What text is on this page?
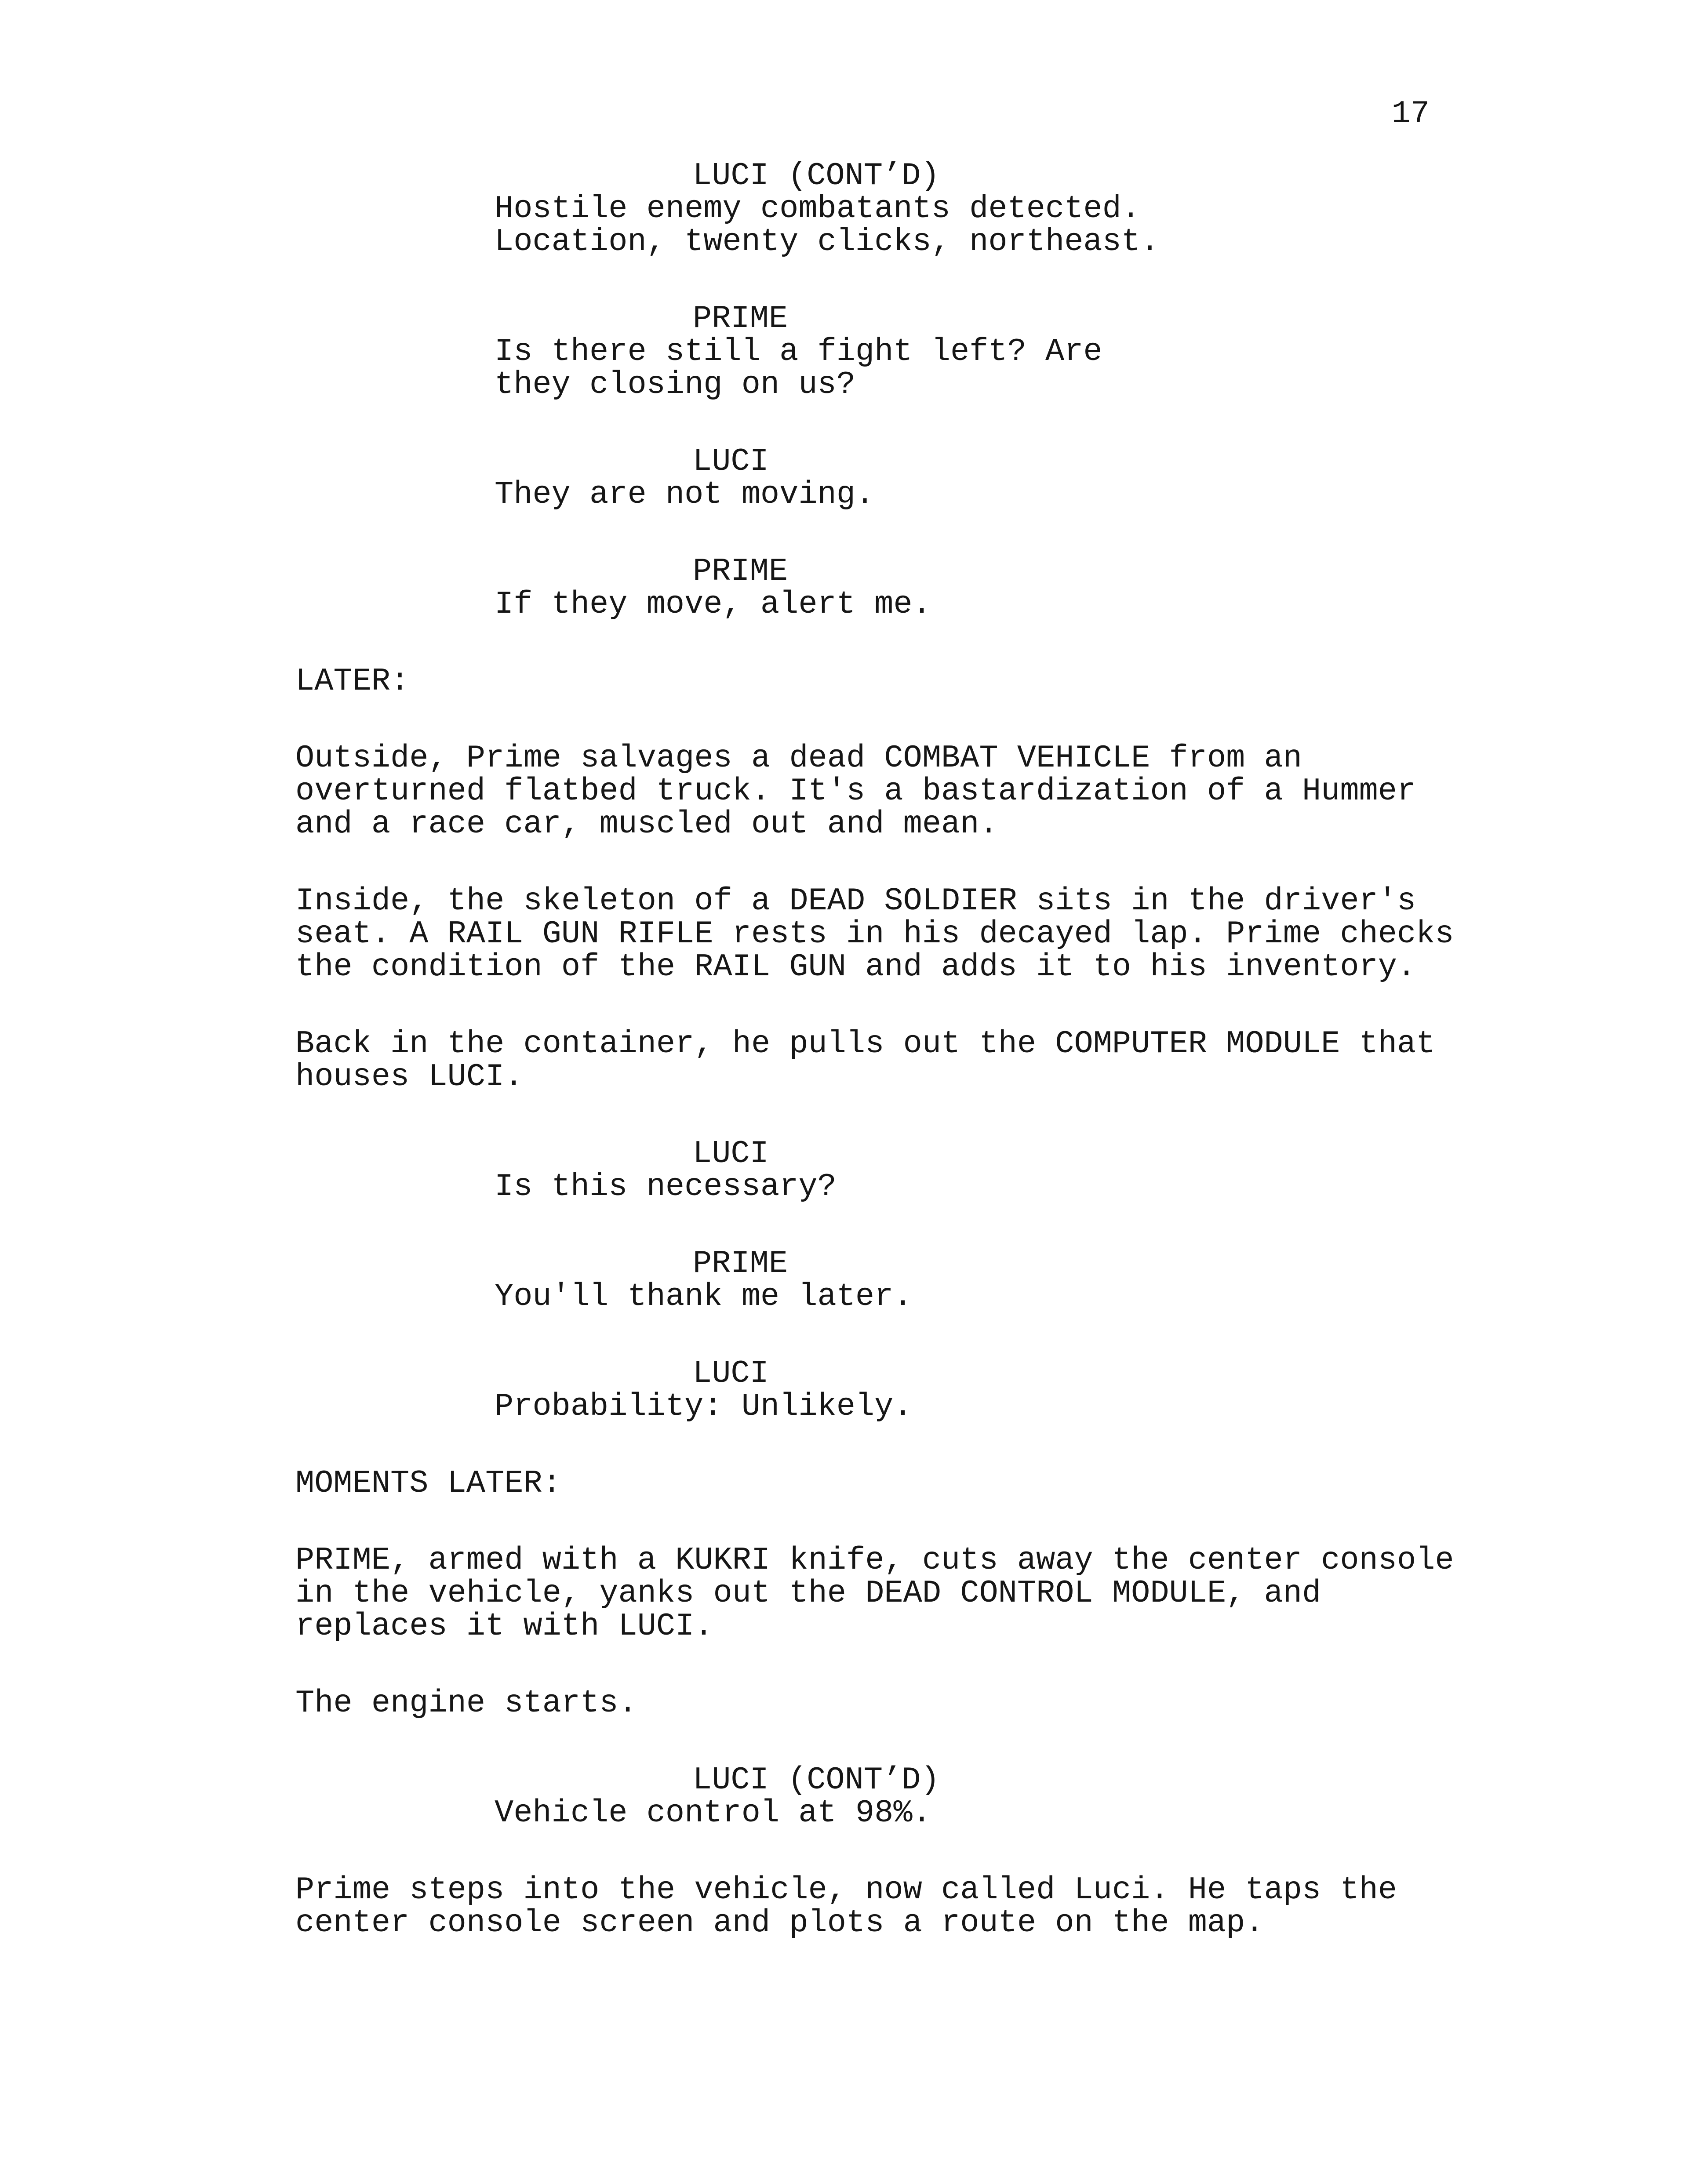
17
LUCI (CONT’D)
Hostile enemy combatants detected.
Location, twenty clicks, northeast.
PRIME
Is there still a fight left? Are
they closing on us?
LUCI
They are not moving.
PRIME
If they move, alert me.
LATER:
Outside, Prime salvages a dead COMBAT VEHICLE from an
overturned flatbed truck. It's a bastardization of a Hummer
and a race car, muscled out and mean.
Inside, the skeleton of a DEAD SOLDIER sits in the driver's
seat. A RAIL GUN RIFLE rests in his decayed lap. Prime checks
the condition of the RAIL GUN and adds it to his inventory.
Back in the container, he pulls out the COMPUTER MODULE that
houses LUCI.
LUCI
Is this necessary?
PRIME
You'll thank me later.
LUCI
Probability: Unlikely.
MOMENTS LATER:
PRIME, armed with a KUKRI knife, cuts away the center console
in the vehicle, yanks out the DEAD CONTROL MODULE, and
replaces it with LUCI.
The engine starts.
LUCI (CONT’D)
Vehicle control at 98%.
Prime steps into the vehicle, now called Luci. He taps the
center console screen and plots a route on the map.
